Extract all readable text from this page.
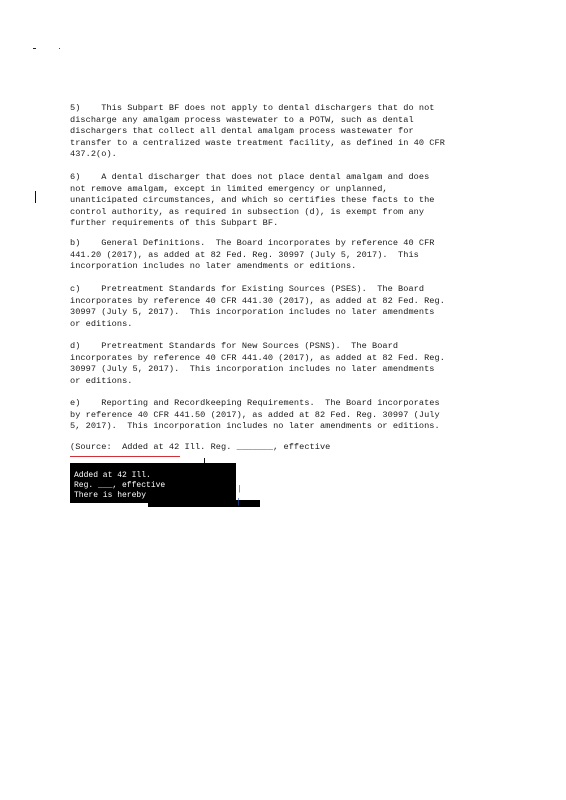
5)    This Subpart BF does not apply to dental dischargers that do not
discharge any amalgam process wastewater to a POTW, such as dental
dischargers that collect all dental amalgam process wastewater for
transfer to a centralized waste treatment facility, as defined in 40 CFR
437.2(o).

6)    A dental discharger that does not place dental amalgam and does
not remove amalgam, except in limited emergency or unplanned,
unanticipated circumstances, and which so certifies these facts to the
control authority, as required in subsection (d), is exempt from any
further requirements of this Subpart BF.

b)    General Definitions.  The Board incorporates by reference 40 CFR
441.20 (2017), as added at 82 Fed. Reg. 30997 (July 5, 2017).  This
incorporation includes no later amendments or editions.

c)    Pretreatment Standards for Existing Sources (PSES).  The Board
incorporates by reference 40 CFR 441.30 (2017), as added at 82 Fed. Reg.
30997 (July 5, 2017).  This incorporation includes no later amendments
or editions.

d)    Pretreatment Standards for New Sources (PSNS).  The Board
incorporates by reference 40 CFR 441.40 (2017), as added at 82 Fed. Reg.
30997 (July 5, 2017).  This incorporation includes no later amendments
or editions.

e)    Reporting and Recordkeeping Requirements.  The Board incorporates
by reference 40 CFR 441.50 (2017), as added at 82 Fed. Reg. 30997 (July
5, 2017).  This incorporation includes no later amendments or editions.

(Source:  Added at 42 Ill. Reg. _______, effective

Added at 42 Ill.
Reg. ___, effective
There is hereby
|
|
